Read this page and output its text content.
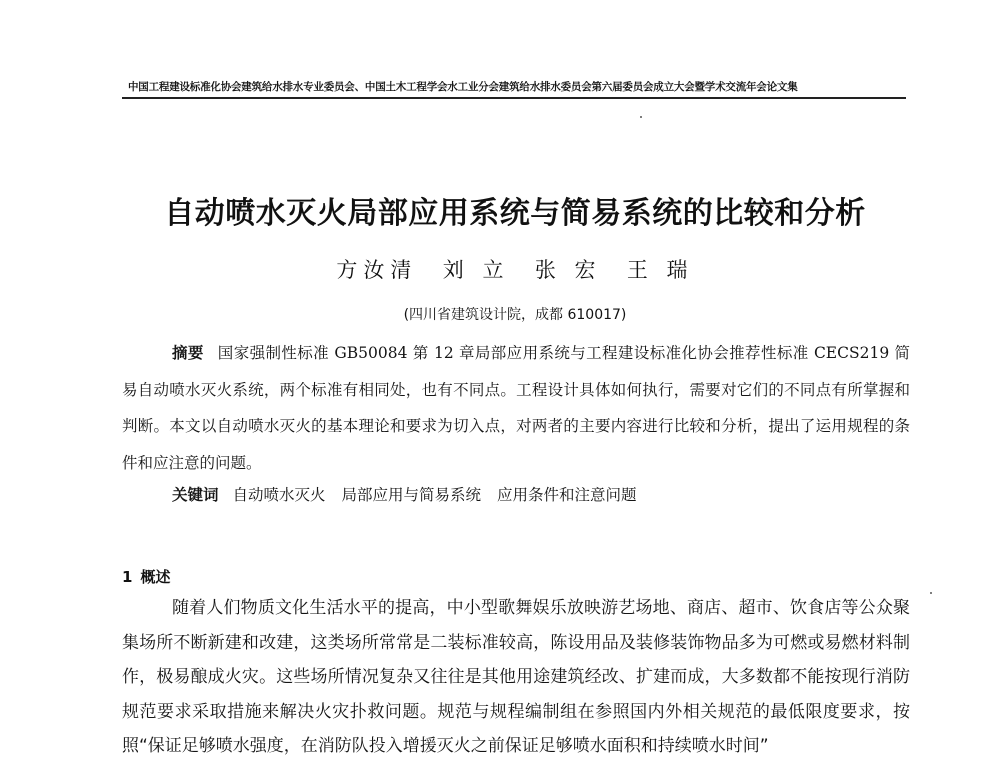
中国工程建设标准化协会建筑给水排水专业委员会、中国土木工程学会水工业分会建筑给水排水委员会第六届委员会成立大会暨学术交流年会论文集
自动喷水灭火局部应用系统与简易系统的比较和分析
方汝清 刘 立 张 宏 王 瑞
(四川省建筑设计院，成都 610017)
摘要 国家强制性标准 GB50084 第 12 章局部应用系统与工程建设标准化协会推荐性标准 CECS219 简易自动喷水灭火系统，两个标准有相同处，也有不同点。工程设计具体如何执行，需要对它们的不同点有所掌握和判断。本文以自动喷水灭火的基本理论和要求为切入点，对两者的主要内容进行比较和分析，提出了运用规程的条件和应注意的问题。
关键词 自动喷水灭火 局部应用与简易系统 应用条件和注意问题
1 概述
随着人们物质文化生活水平的提高，中小型歌舞娱乐放映游艺场地、商店、超市、饮食店等公众聚集场所不断新建和改建，这类场所常常是二装标准较高，陈设用品及装修装饰物品多为可燃或易燃材料制作，极易酿成火灾。这些场所情况复杂又往往是其他用途建筑经改、扩建而成，大多数都不能按现行消防规范要求采取措施来解决火灾扑救问题。规范与规程编制组在参照国内外相关规范的最低限度要求，按照“保证足够喷水强度，在消防队投入增援灭火之前保证足够喷水面积和持续喷水时间”
